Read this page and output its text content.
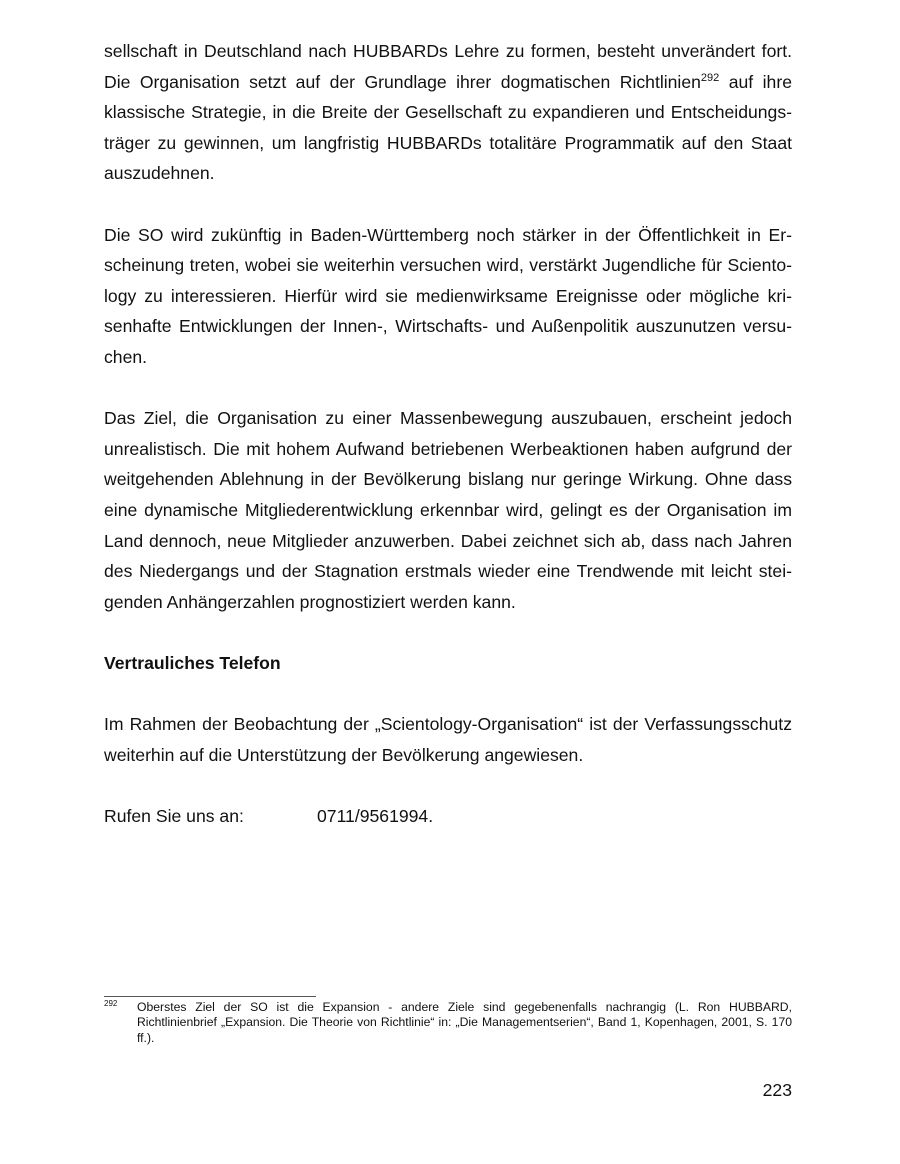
sellschaft in Deutschland nach HUBBARDs Lehre zu formen, besteht unverändert fort.
Die Organisation setzt auf der Grundlage ihrer dogmatischen Richtlinien$^{292}$ auf ihre
klassische Strategie, in die Breite der Gesellschaft zu expandieren und Entscheidungs-
träger zu gewinnen, um langfristig HUBBARDs totalitäre Programmatik auf den Staat
auszudehnen.

Die SO wird zukünftig in Baden-Württemberg noch stärker in der Öffentlichkeit in Er-
scheinung treten, wobei sie weiterhin versuchen wird, verstärkt Jugendliche für Sciento-
logy zu interessieren. Hierfür wird sie medienwirksame Ereignisse oder mögliche kri-
senhafte Entwicklungen der Innen-, Wirtschafts- und Außenpolitik auszunutzen versu-
chen.

Das Ziel, die Organisation zu einer Massenbewegung auszubauen, erscheint jedoch
unrealistisch. Die mit hohem Aufwand betriebenen Werbeaktionen haben aufgrund der
weitgehenden Ablehnung in der Bevölkerung bislang nur geringe Wirkung. Ohne dass
eine dynamische Mitgliederentwicklung erkennbar wird, gelingt es der Organisation im
Land dennoch, neue Mitglieder anzuwerben. Dabei zeichnet sich ab, dass nach Jahren
des Niedergangs und der Stagnation erstmals wieder eine Trendwende mit leicht stei-
genden Anhängerzahlen prognostiziert werden kann.

Vertrauliches Telefon

Im Rahmen der Beobachtung der „Scientology-Organisation“ ist der Verfassungsschutz
weiterhin auf die Unterstützung der Bevölkerung angewiesen.

Rufen Sie uns an:	0711/9561994.
292 Oberstes Ziel der SO ist die Expansion - andere Ziele sind gegebenenfalls nachrangig (L. Ron HUBBARD, Richtlinienbrief „Expansion. Die Theorie von Richtlinie“ in: „Die Managementserien“, Band 1, Kopenhagen, 2001, S. 170 ff.).
223
